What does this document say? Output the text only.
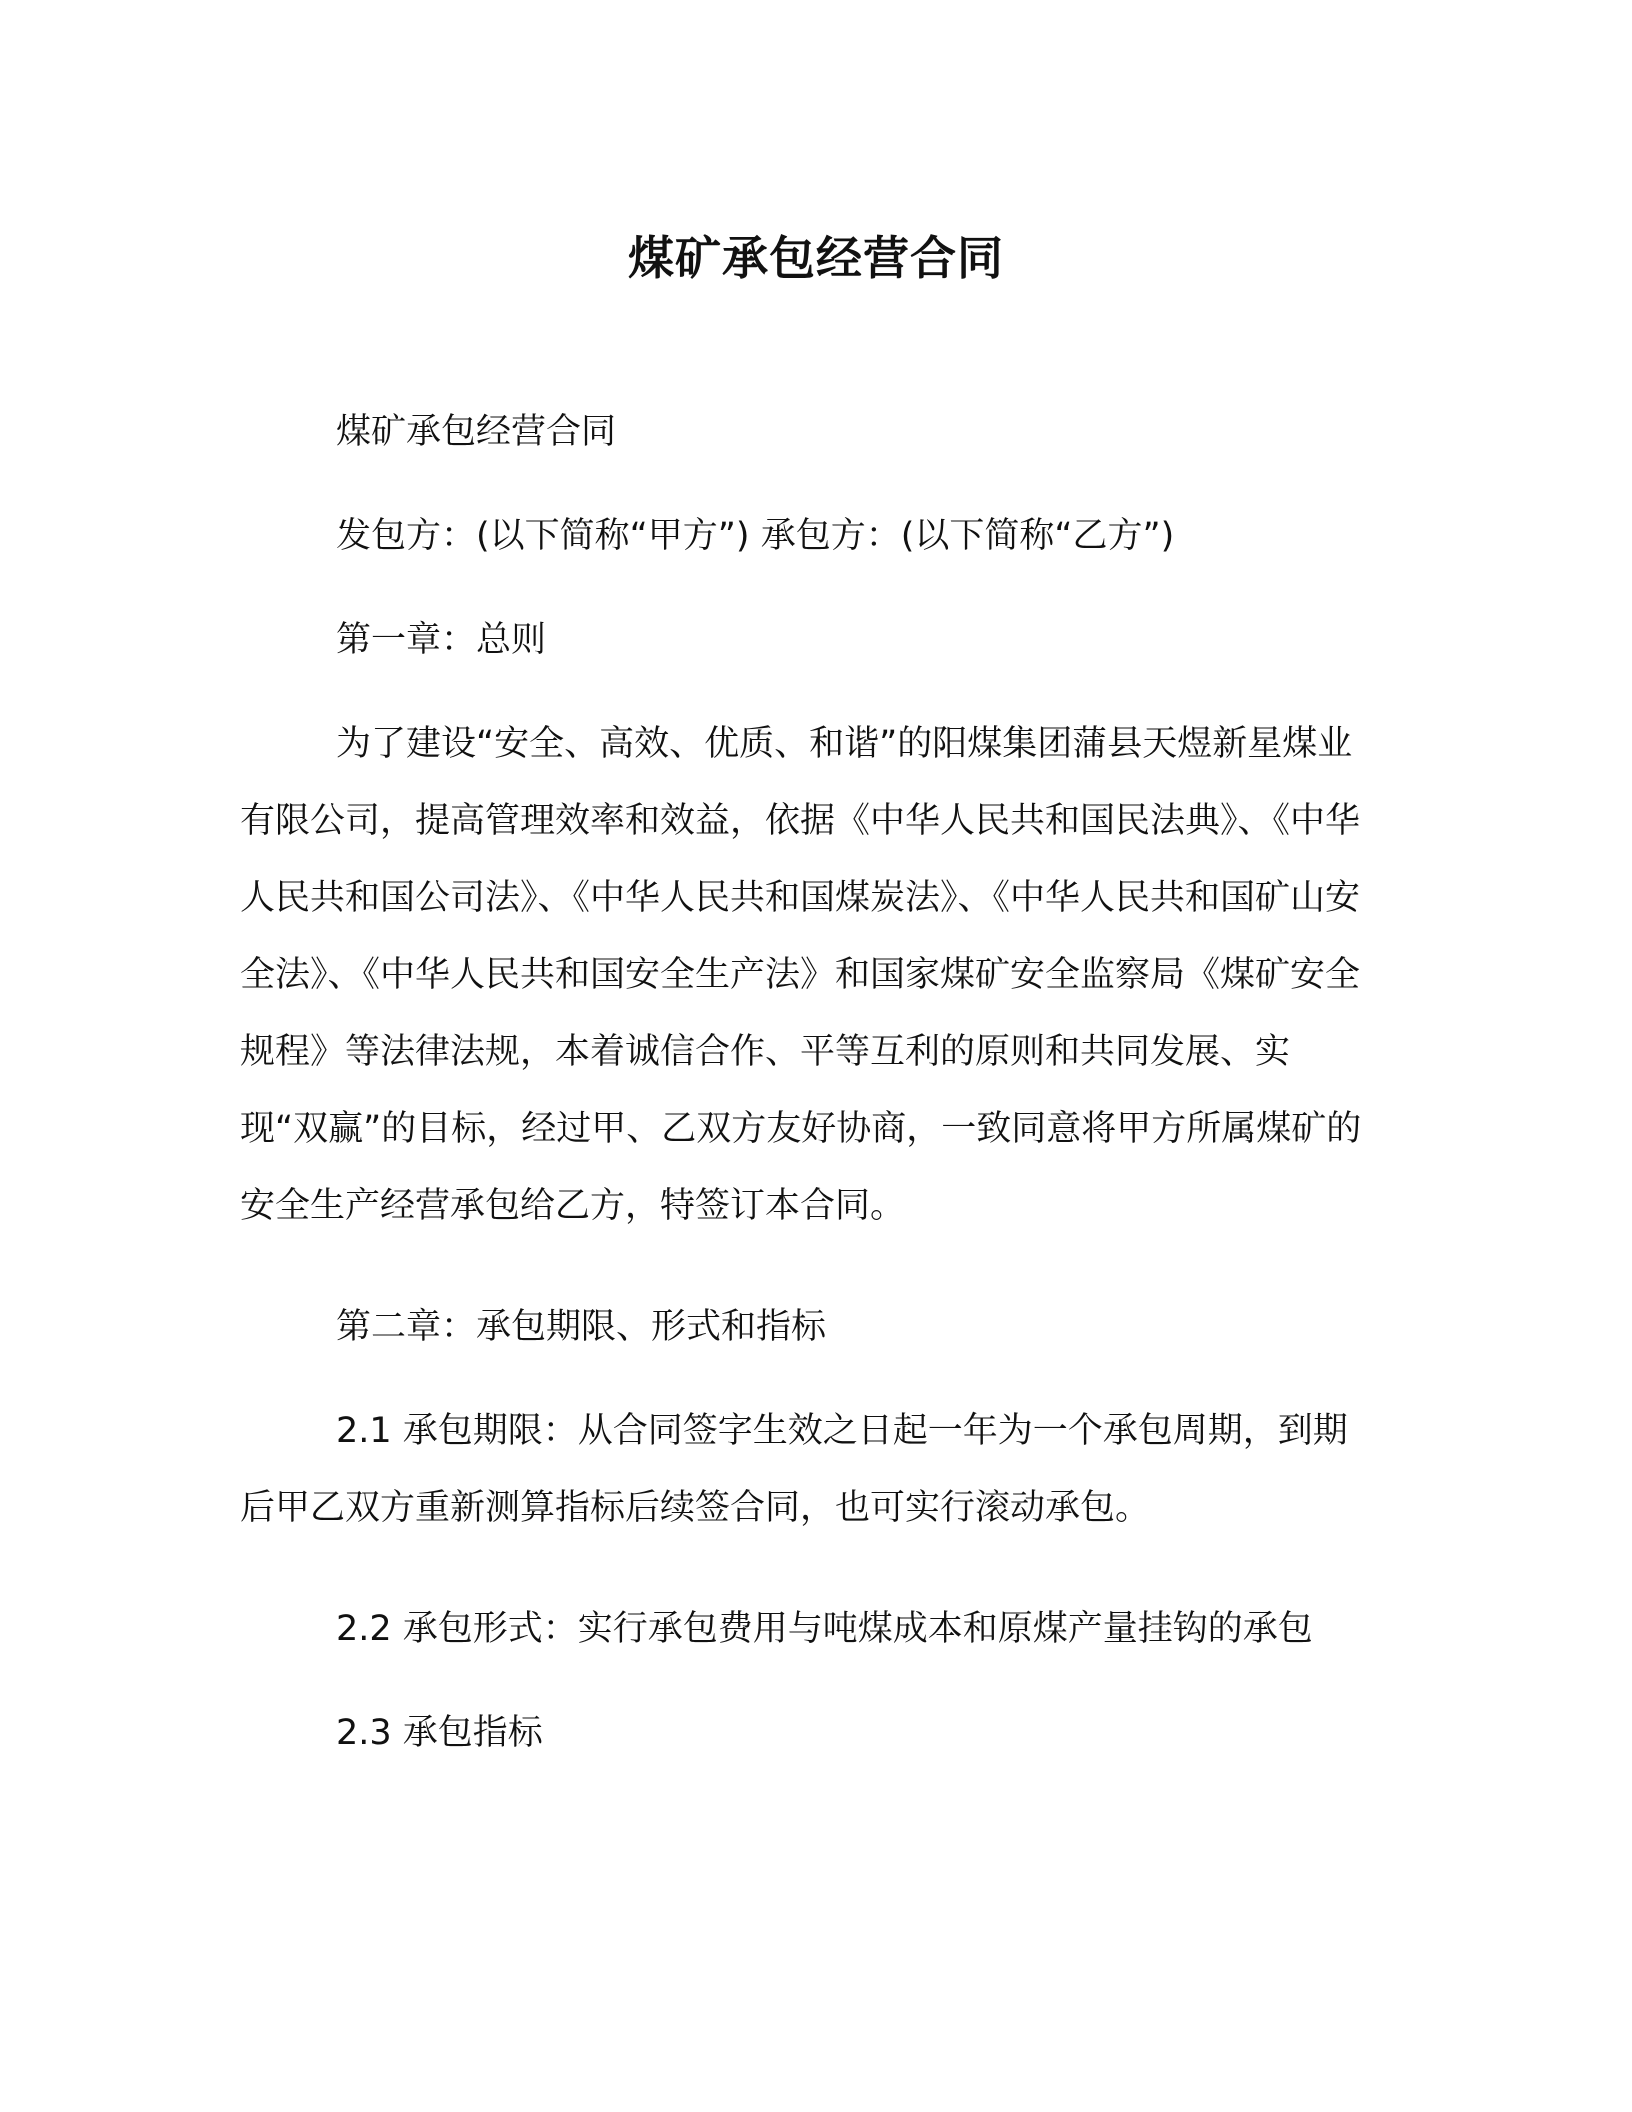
煤矿承包经营合同

煤矿承包经营合同

发包方：(以下简称“甲方”) 承包方：(以下简称“乙方”)

第一章：总则

为了建设“安全、高效、优质、和谐”的阳煤集团蒲县天煜新星煤业有限公司，提高管理效率和效益，依据《中华人民共和国民法典》、《中华人民共和国公司法》、《中华人民共和国煤炭法》、《中华人民共和国矿山安全法》、《中华人民共和国安全生产法》和国家煤矿安全监察局《煤矿安全规程》等法律法规，本着诚信合作、平等互利的原则和共同发展、实现“双赢”的目标，经过甲、乙双方友好协商，一致同意将甲方所属煤矿的安全生产经营承包给乙方，特签订本合同。

第二章：承包期限、形式和指标

2.1 承包期限：从合同签字生效之日起一年为一个承包周期，到期后甲乙双方重新测算指标后续签合同，也可实行滚动承包。

2.2 承包形式：实行承包费用与吨煤成本和原煤产量挂钩的承包

2.3 承包指标
